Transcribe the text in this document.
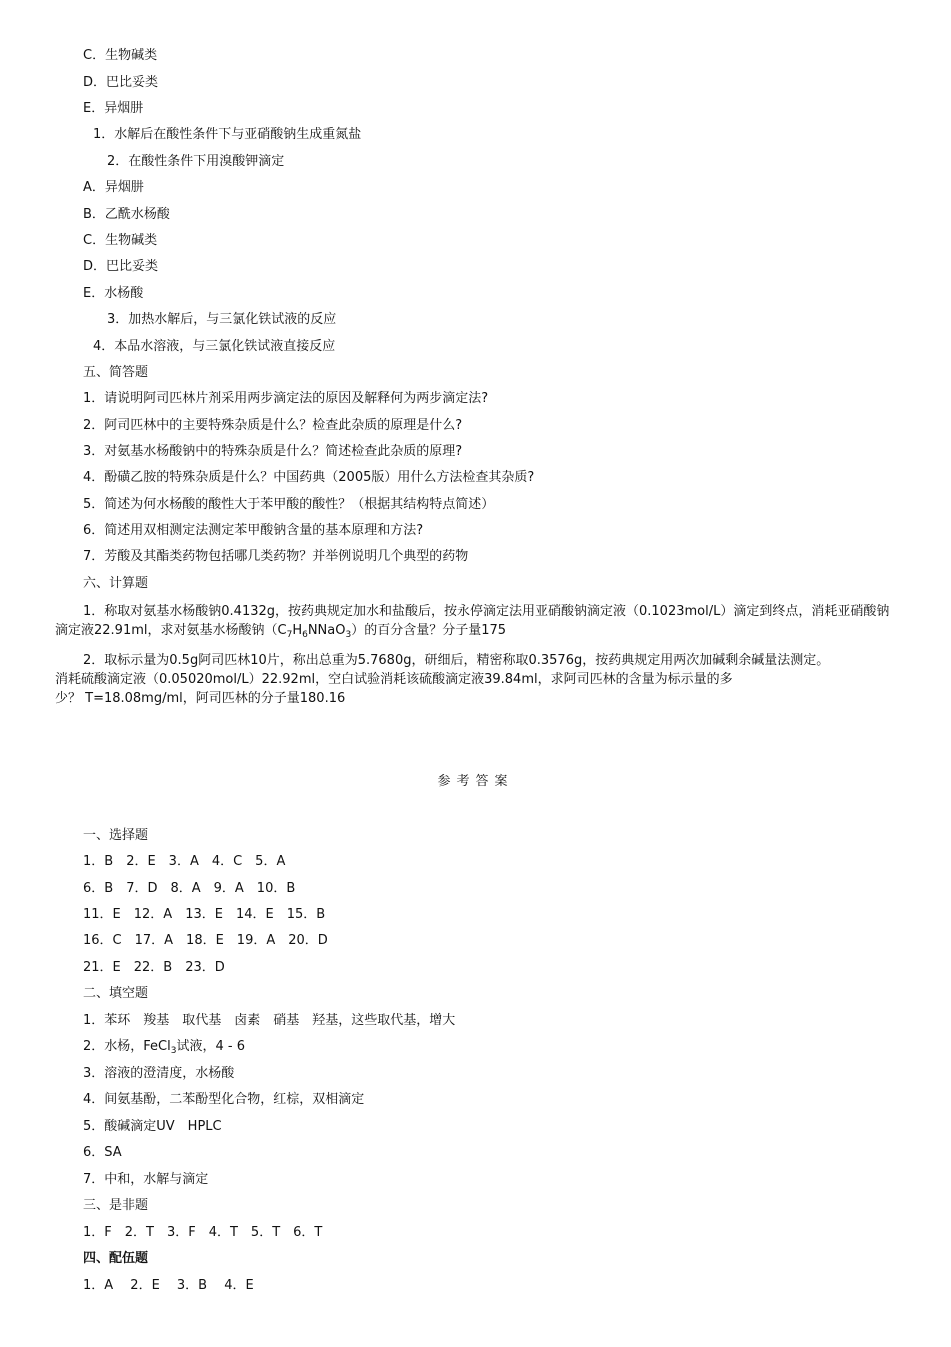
C．生物碱类
D．巴比妥类
E．异烟肼
1．水解后在酸性条件下与亚硝酸钠生成重氮盐
2．在酸性条件下用溴酸钾滴定
A．异烟肼
B．乙酰水杨酸
C．生物碱类
D．巴比妥类
E．水杨酸
3．加热水解后，与三氯化铁试液的反应
4．本品水溶液，与三氯化铁试液直接反应
五、简答题
1．请说明阿司匹林片剂采用两步滴定法的原因及解释何为两步滴定法?
2．阿司匹林中的主要特殊杂质是什么？检查此杂质的原理是什么?
3．对氨基水杨酸钠中的特殊杂质是什么？简述检查此杂质的原理?
4．酚磺乙胺的特殊杂质是什么？中国药典（2005版）用什么方法检查其杂质?
5．简述为何水杨酸的酸性大于苯甲酸的酸性？（根据其结构特点简述）
6．简述用双相测定法测定苯甲酸钠含量的基本原理和方法?
7．芳酸及其酯类药物包括哪几类药物？并举例说明几个典型的药物
六、计算题
1．称取对氨基水杨酸钠0.4132g，按药典规定加水和盐酸后，按永停滴定法用亚硝酸钠滴定液（0.1023mol/L）滴定到终点，消耗亚硝酸钠滴定液22.91ml，求对氨基水杨酸钠$(C_7H_6NNaO_3)$的百分含量？分子量175
2．取标示量为0.5g阿司匹林10片，称出总重为5.7680g，研细后，精密称取0.3576g，按药典规定用两次加碱剩余碱量法测定。
消耗硫酸滴定液（0.05020mol/L）22.92ml，空白试验消耗该硫酸滴定液39.84ml，求阿司匹林的含量为标示量的多
少？ T=18.08mg/ml，阿司匹林的分子量180.16
参考答案
一、选择题
1．B　2．E　3．A　4．C　5．A
6．B　7．D　8．A　9．A　10．B
11．E　12．A　13．E　14．E　15．B
16．C　17．A　18．E　19．A　20．D
21．E　22．B　23．D
二、填空题
1．苯环　羧基　取代基　卤素　硝基　羟基，这些取代基，增大
2．水杨，FeCl$_3$试液，4 - 6
3．溶液的澄清度，水杨酸
4．间氨基酚，二苯酚型化合物，红棕，双相滴定
5．酸碱滴定UV　HPLC
6．SA
7．中和，水解与滴定
三、是非题
1．F　2．T　3．F　4．T　5．T　6．T
四、配伍题
1．A　 2．E　 3．B　 4．E
